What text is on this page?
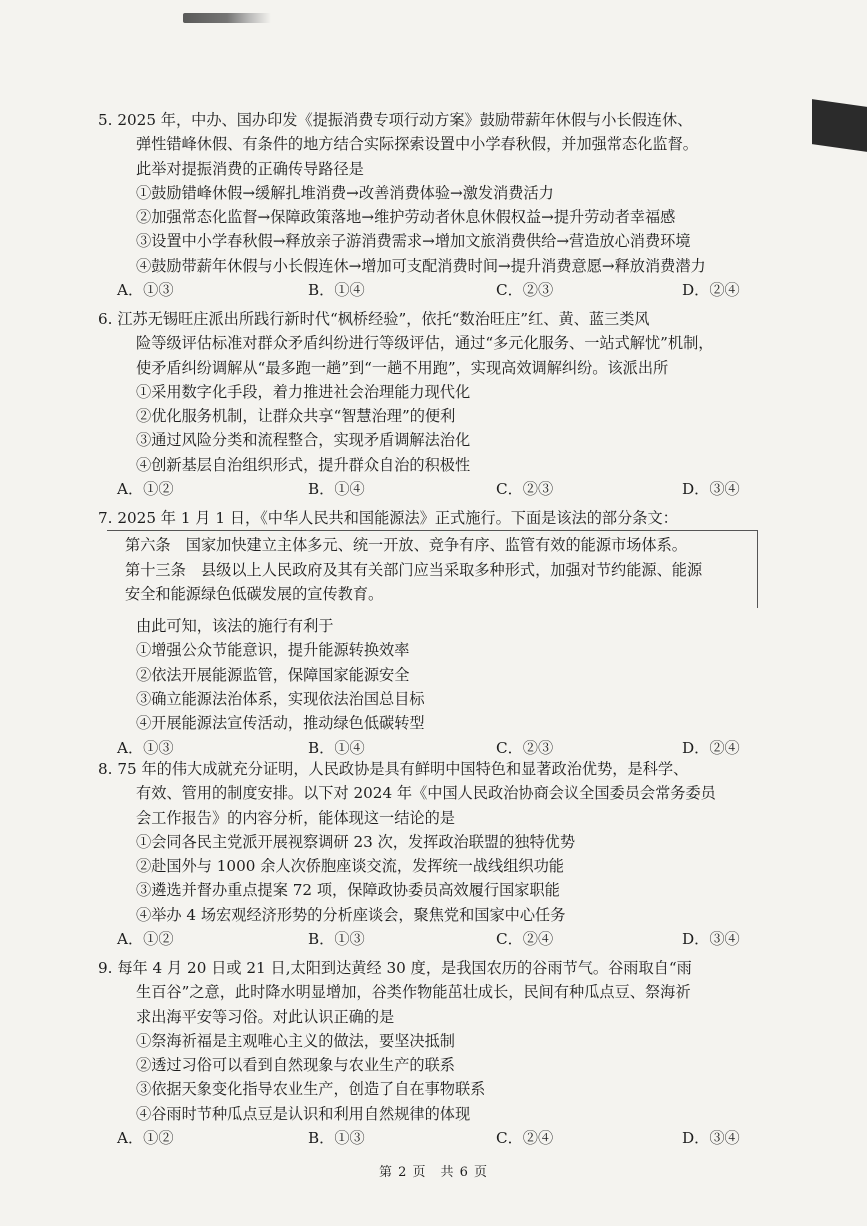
5. 2025 年，中办、国办印发《提振消费专项行动方案》鼓励带薪年休假与小长假连休、
弹性错峰休假、有条件的地方结合实际探索设置中小学春秋假，并加强常态化监督。
此举对提振消费的正确传导路径是
①鼓励错峰休假→缓解扎堆消费→改善消费体验→激发消费活力
②加强常态化监督→保障政策落地→维护劳动者休息休假权益→提升劳动者幸福感
③设置中小学春秋假→释放亲子游消费需求→增加文旅消费供给→营造放心消费环境
④鼓励带薪年休假与小长假连休→增加可支配消费时间→提升消费意愿→释放消费潜力
A．①③	B．①④	C．②③	D．②④
6. 江苏无锡旺庄派出所践行新时代“枫桥经验”，依托“数治旺庄”红、黄、蓝三类风
险等级评估标准对群众矛盾纠纷进行等级评估，通过“多元化服务、一站式解忧”机制，
使矛盾纠纷调解从“最多跑一趟”到“一趟不用跑”，实现高效调解纠纷。该派出所
①采用数字化手段，着力推进社会治理能力现代化
②优化服务机制，让群众共享“智慧治理”的便利
③通过风险分类和流程整合，实现矛盾调解法治化
④创新基层自治组织形式，提升群众自治的积极性
A．①②	B．①④	C．②③	D．③④
7. 2025 年 1 月 1 日，《中华人民共和国能源法》正式施行。下面是该法的部分条文：
第六条　国家加快建立主体多元、统一开放、竞争有序、监管有效的能源市场体系。
第十三条　县级以上人民政府及其有关部门应当采取多种形式，加强对节约能源、能源
安全和能源绿色低碳发展的宣传教育。
由此可知，该法的施行有利于
①增强公众节能意识，提升能源转换效率
②依法开展能源监管，保障国家能源安全
③确立能源法治体系，实现依法治国总目标
④开展能源法宣传活动，推动绿色低碳转型
A．①③	B．①④	C．②③	D．②④
8. 75 年的伟大成就充分证明，人民政协是具有鲜明中国特色和显著政治优势，是科学、
有效、管用的制度安排。以下对 2024 年《中国人民政治协商会议全国委员会常务委员
会工作报告》的内容分析，能体现这一结论的是
①会同各民主党派开展视察调研 23 次，发挥政治联盟的独特优势
②赴国外与 1000 余人次侨胞座谈交流，发挥统一战线组织功能
③遴选并督办重点提案 72 项，保障政协委员高效履行国家职能
④举办 4 场宏观经济形势的分析座谈会，聚焦党和国家中心任务
A．①②	B．①③	C．②④	D．③④
9. 每年 4 月 20 日或 21 日,太阳到达黄经 30 度，是我国农历的谷雨节气。谷雨取自“雨
生百谷”之意，此时降水明显增加，谷类作物能茁壮成长，民间有种瓜点豆、祭海祈
求出海平安等习俗。对此认识正确的是
①祭海祈福是主观唯心主义的做法，要坚决抵制
②透过习俗可以看到自然现象与农业生产的联系
③依据天象变化指导农业生产，创造了自在事物联系
④谷雨时节种瓜点豆是认识和利用自然规律的体现
A．①②	B．①③	C．②④	D．③④
第 2 页　共 6 页
